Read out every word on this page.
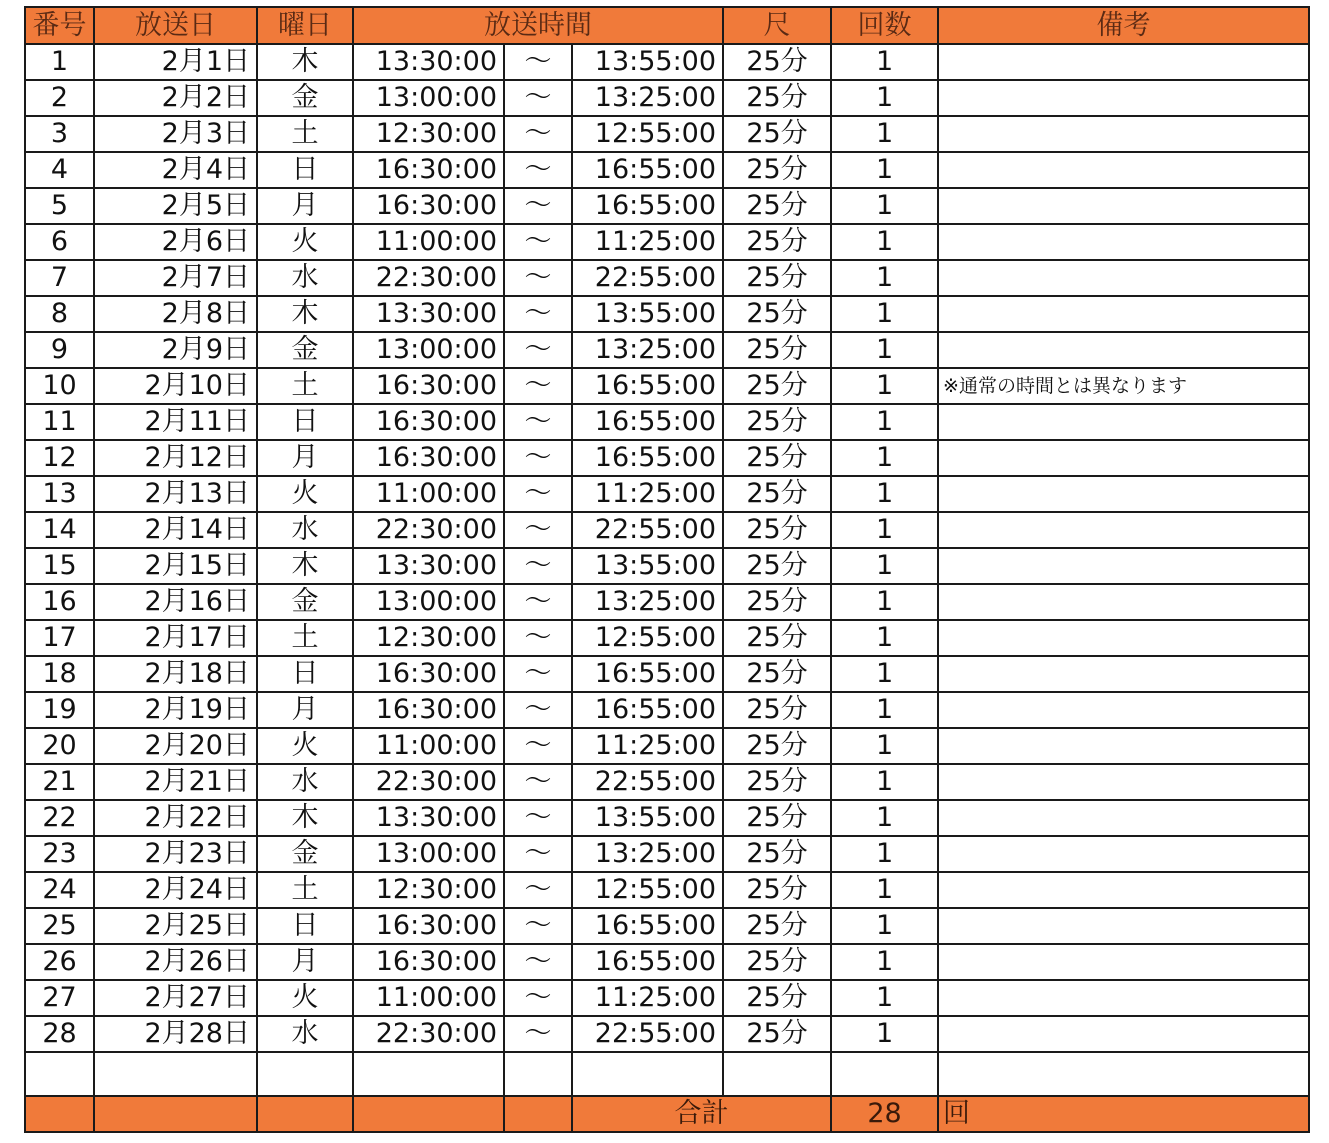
番号	放送日	曜日	放送時間			尺	回数	備考
1	2月1日	木	13:30:00	～	13:55:00	25分	1	
2	2月2日	金	13:00:00	～	13:25:00	25分	1	
3	2月3日	土	12:30:00	～	12:55:00	25分	1	
4	2月4日	日	16:30:00	～	16:55:00	25分	1	
5	2月5日	月	16:30:00	～	16:55:00	25分	1	
6	2月6日	火	11:00:00	～	11:25:00	25分	1	
7	2月7日	水	22:30:00	～	22:55:00	25分	1	
8	2月8日	木	13:30:00	～	13:55:00	25分	1	
9	2月9日	金	13:00:00	～	13:25:00	25分	1	
10	2月10日	土	16:30:00	～	16:55:00	25分	1	※通常の時間とは異なります
11	2月11日	日	16:30:00	～	16:55:00	25分	1	
12	2月12日	月	16:30:00	～	16:55:00	25分	1	
13	2月13日	火	11:00:00	～	11:25:00	25分	1	
14	2月14日	水	22:30:00	～	22:55:00	25分	1	
15	2月15日	木	13:30:00	～	13:55:00	25分	1	
16	2月16日	金	13:00:00	～	13:25:00	25分	1	
17	2月17日	土	12:30:00	～	12:55:00	25分	1	
18	2月18日	日	16:30:00	～	16:55:00	25分	1	
19	2月19日	月	16:30:00	～	16:55:00	25分	1	
20	2月20日	火	11:00:00	～	11:25:00	25分	1	
21	2月21日	水	22:30:00	～	22:55:00	25分	1	
22	2月22日	木	13:30:00	～	13:55:00	25分	1	
23	2月23日	金	13:00:00	～	13:25:00	25分	1	
24	2月24日	土	12:30:00	～	12:55:00	25分	1	
25	2月25日	日	16:30:00	～	16:55:00	25分	1	
26	2月26日	月	16:30:00	～	16:55:00	25分	1	
27	2月27日	火	11:00:00	～	11:25:00	25分	1	
28	2月28日	水	22:30:00	～	22:55:00	25分	1	

					合計		28	回
